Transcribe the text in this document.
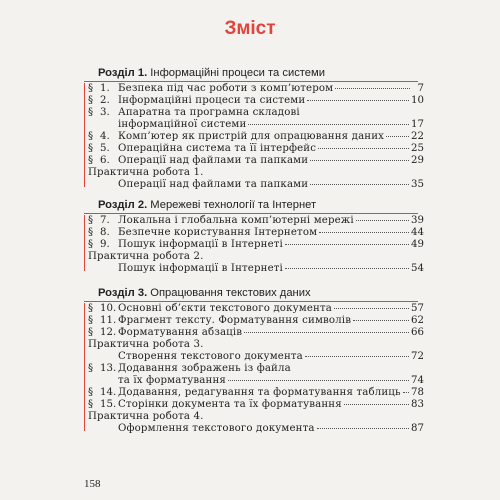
Зміст
Розділ 1. Інформаційні процеси та системи
§ 1. Безпека під час роботи з комп’ютером	7
§ 2. Інформаційні процеси та системи	10
§ 3. Апаратна та програмна складові
інформаційної системи	17
§ 4. Комп’ютер як пристрій для опрацювання даних	22
§ 5. Операційна система та її інтерфейс	25
§ 6. Операції над файлами та папками	29
Практична робота 1.
Операції над файлами та папками	35
Розділ 2. Мережеві технології та Інтернет
§ 7. Локальна і глобальна комп’ютерні мережі	39
§ 8. Безпечне користування Інтернетом	44
§ 9. Пошук інформації в Інтернеті	49
Практична робота 2.
Пошук інформації в Інтернеті	54
Розділ 3. Опрацювання текстових даних
§ 10. Основні об’єкти текстового документа	57
§ 11. Фрагмент тексту. Форматування символів	62
§ 12. Форматування абзаців	66
Практична робота 3.
Створення текстового документа	72
§ 13. Додавання зображень із файла
та їх форматування	74
§ 14. Додавання, редагування та форматування таблиць 78
§ 15. Сторінки документа та їх форматування	83
Практична робота 4.
Оформлення текстового документа	87
158
